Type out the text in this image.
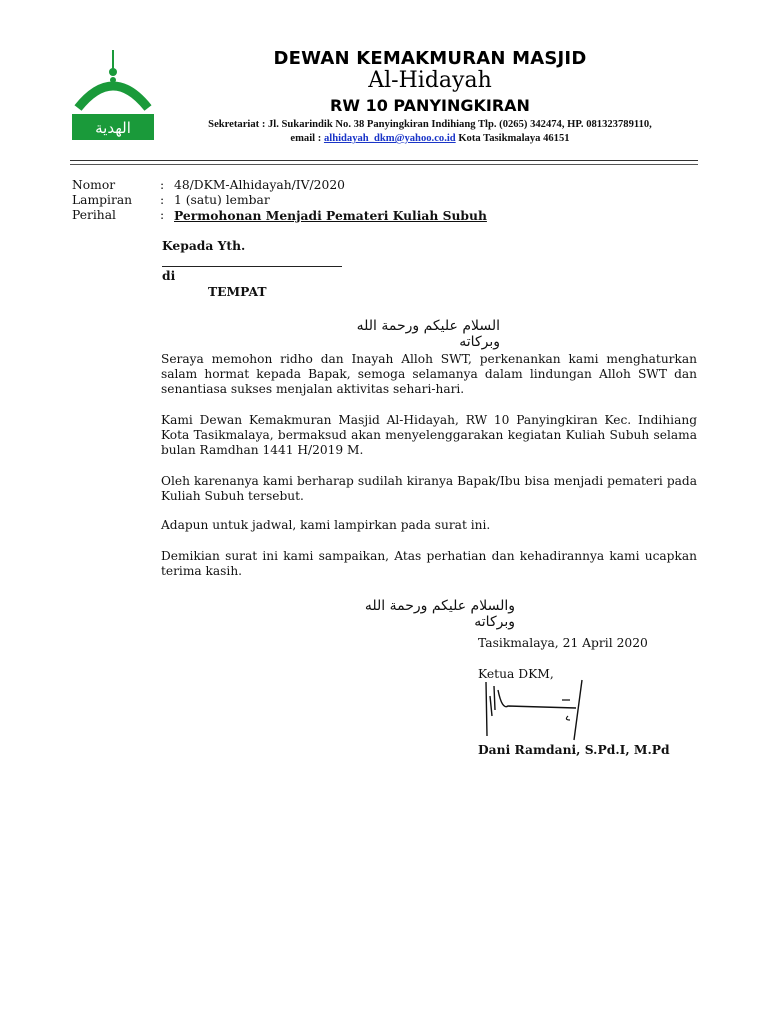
الهدية
DEWAN KEMAKMURAN MASJID
Al-Hidayah
RW 10 PANYINGKIRAN
Sekretariat : Jl. Sukarindik No. 38 Panyingkiran Indihiang Tlp. (0265) 342474, HP. 081323789110,
email : alhidayah_dkm@yahoo.co.id Kota Tasikmalaya 46151
Nomor	: 48/DKM-Alhidayah/IV/2020
Lampiran	: 1 (satu) lembar
Perihal	: Permohonan Menjadi Pemateri Kuliah Subuh
Kepada Yth.
di
TEMPAT
السلام عليكم ورحمة الله وبركاته
Seraya memohon ridho dan Inayah Alloh SWT, perkenankan kami menghaturkan salam hormat kepada Bapak, semoga selamanya dalam lindungan Alloh SWT dan senantiasa sukses menjalan aktivitas sehari-hari.
Kami Dewan Kemakmuran Masjid Al-Hidayah, RW 10 Panyingkiran Kec. Indihiang Kota Tasikmalaya, bermaksud akan menyelenggarakan kegiatan Kuliah Subuh selama bulan Ramdhan 1441 H/2019 M.
Oleh karenanya kami berharap sudilah kiranya Bapak/Ibu bisa menjadi pemateri pada Kuliah Subuh tersebut.
Adapun untuk jadwal, kami lampirkan pada surat ini.
Demikian surat ini kami sampaikan, Atas perhatian dan kehadirannya kami ucapkan terima kasih.
والسلام عليكم ورحمة الله وبركاته
Tasikmalaya, 21 April 2020
Ketua DKM,
Dani Ramdani, S.Pd.I, M.Pd
